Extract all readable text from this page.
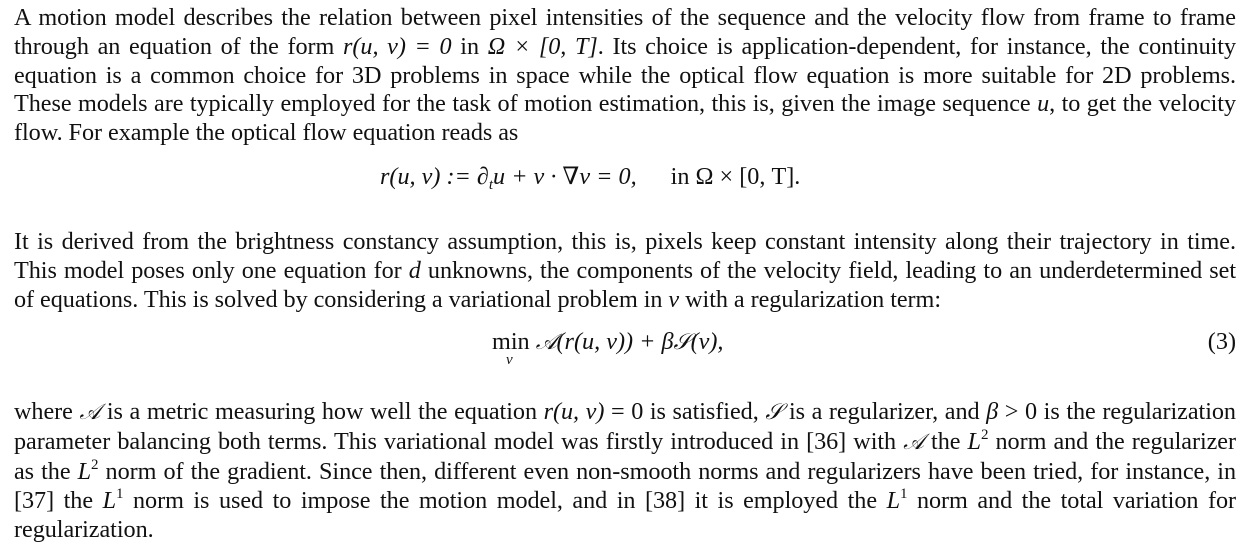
A motion model describes the relation between pixel intensities of the sequence and the velocity flow from frame to frame through an equation of the form r(u, v) = 0 in Ω × [0, T]. Its choice is application-dependent, for instance, the continuity equation is a common choice for 3D problems in space while the optical flow equation is more suitable for 2D problems. These models are typically employed for the task of motion estimation, this is, given the image sequence u, to get the velocity flow. For example the optical flow equation reads as

r(u, v) := $\partial_tu + v \cdot \nabla v = 0$, in Ω × [0, T].

It is derived from the brightness constancy assumption, this is, pixels keep constant intensity along their trajectory in time. This model poses only one equation for d unknowns, the components of the velocity field, leading to an underdetermined set of equations. This is solved by considering a variational problem in v with a regularization term:

min
v
𝒜(r(u, v)) + β𝒮(v),	(3)

where 𝒜 is a metric measuring how well the equation r(u, v) = 0 is satisfied, 𝒮 is a regularizer, and β > 0 is the regularization parameter balancing both terms. This variational model was firstly introduced in [36] with 𝒜 the $L^2$ norm and the regularizer as the $L^2$ norm of the gradient. Since then, different even non-smooth norms and regularizers have been tried, for instance, in [37] the $L^1$ norm is used to impose the motion model, and in [38] it is employed the $L^1$ norm and the total variation for regularization.
